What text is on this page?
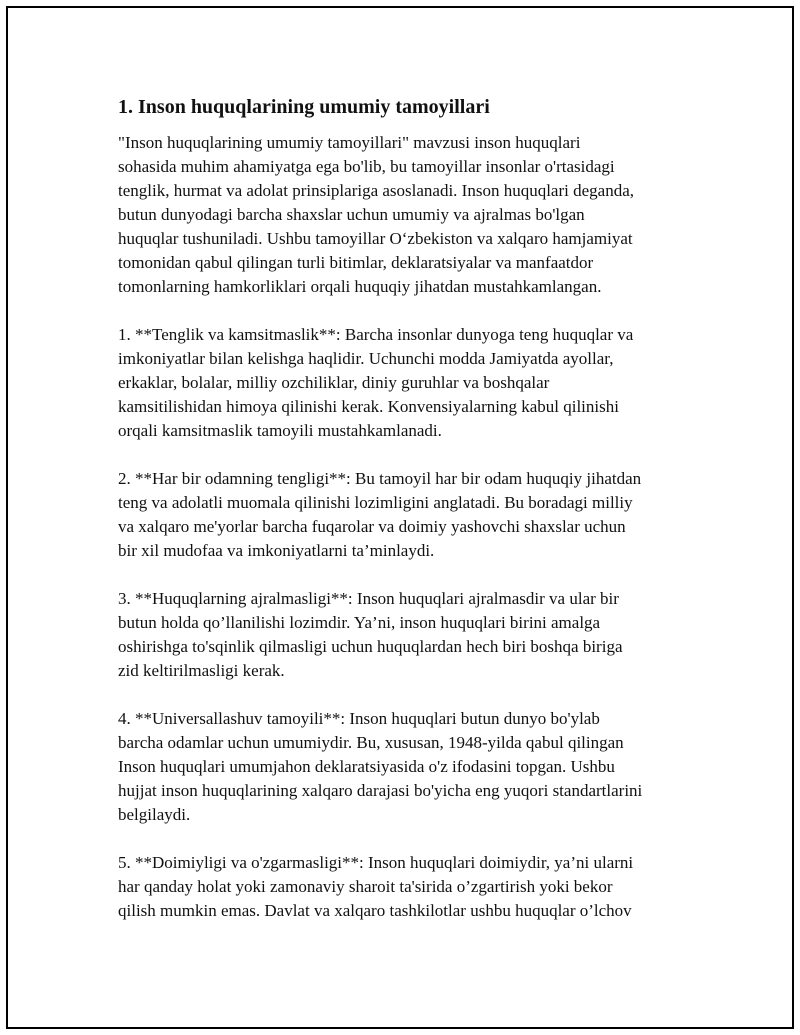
1. Inson huquqlarining umumiy tamoyillari

"Inson huquqlarining umumiy tamoyillari" mavzusi inson huquqlari
sohasida muhim ahamiyatga ega bo'lib, bu tamoyillar insonlar o'rtasidagi
tenglik, hurmat va adolat prinsiplariga asoslanadi. Inson huquqlari deganda,
butun dunyodagi barcha shaxslar uchun umumiy va ajralmas bo'lgan
huquqlar tushuniladi. Ushbu tamoyillar O‘zbekiston va xalqaro hamjamiyat
tomonidan qabul qilingan turli bitimlar, deklaratsiyalar va manfaatdor
tomonlarning hamkorliklari orqali huquqiy jihatdan mustahkamlangan.

1. **Tenglik va kamsitmaslik**: Barcha insonlar dunyoga teng huquqlar va
imkoniyatlar bilan kelishga haqlidir. Uchunchi modda Jamiyatda ayollar,
erkaklar, bolalar, milliy ozchiliklar, diniy guruhlar va boshqalar
kamsitilishidan himoya qilinishi kerak. Konvensiyalarning kabul qilinishi
orqali kamsitmaslik tamoyili mustahkamlanadi.

2. **Har bir odamning tengligi**: Bu tamoyil har bir odam huquqiy jihatdan
teng va adolatli muomala qilinishi lozimligini anglatadi. Bu boradagi milliy
va xalqaro me'yorlar barcha fuqarolar va doimiy yashovchi shaxslar uchun
bir xil mudofaa va imkoniyatlarni ta’minlaydi.

3. **Huquqlarning ajralmasligi**: Inson huquqlari ajralmasdir va ular bir
butun holda qo’llanilishi lozimdir. Ya’ni, inson huquqlari birini amalga
oshirishga to'sqinlik qilmasligi uchun huquqlardan hech biri boshqa biriga
zid keltirilmasligi kerak.

4. **Universallashuv tamoyili**: Inson huquqlari butun dunyo bo'ylab
barcha odamlar uchun umumiydir. Bu, xususan, 1948-yilda qabul qilingan
Inson huquqlari umumjahon deklaratsiyasida o'z ifodasini topgan. Ushbu
hujjat inson huquqlarining xalqaro darajasi bo'yicha eng yuqori standartlarini
belgilaydi.

5. **Doimiyligi va o'zgarmasligi**: Inson huquqlari doimiydir, ya’ni ularni
har qanday holat yoki zamonaviy sharoit ta'sirida o’zgartirish yoki bekor
qilish mumkin emas. Davlat va xalqaro tashkilotlar ushbu huquqlar o’lchov
